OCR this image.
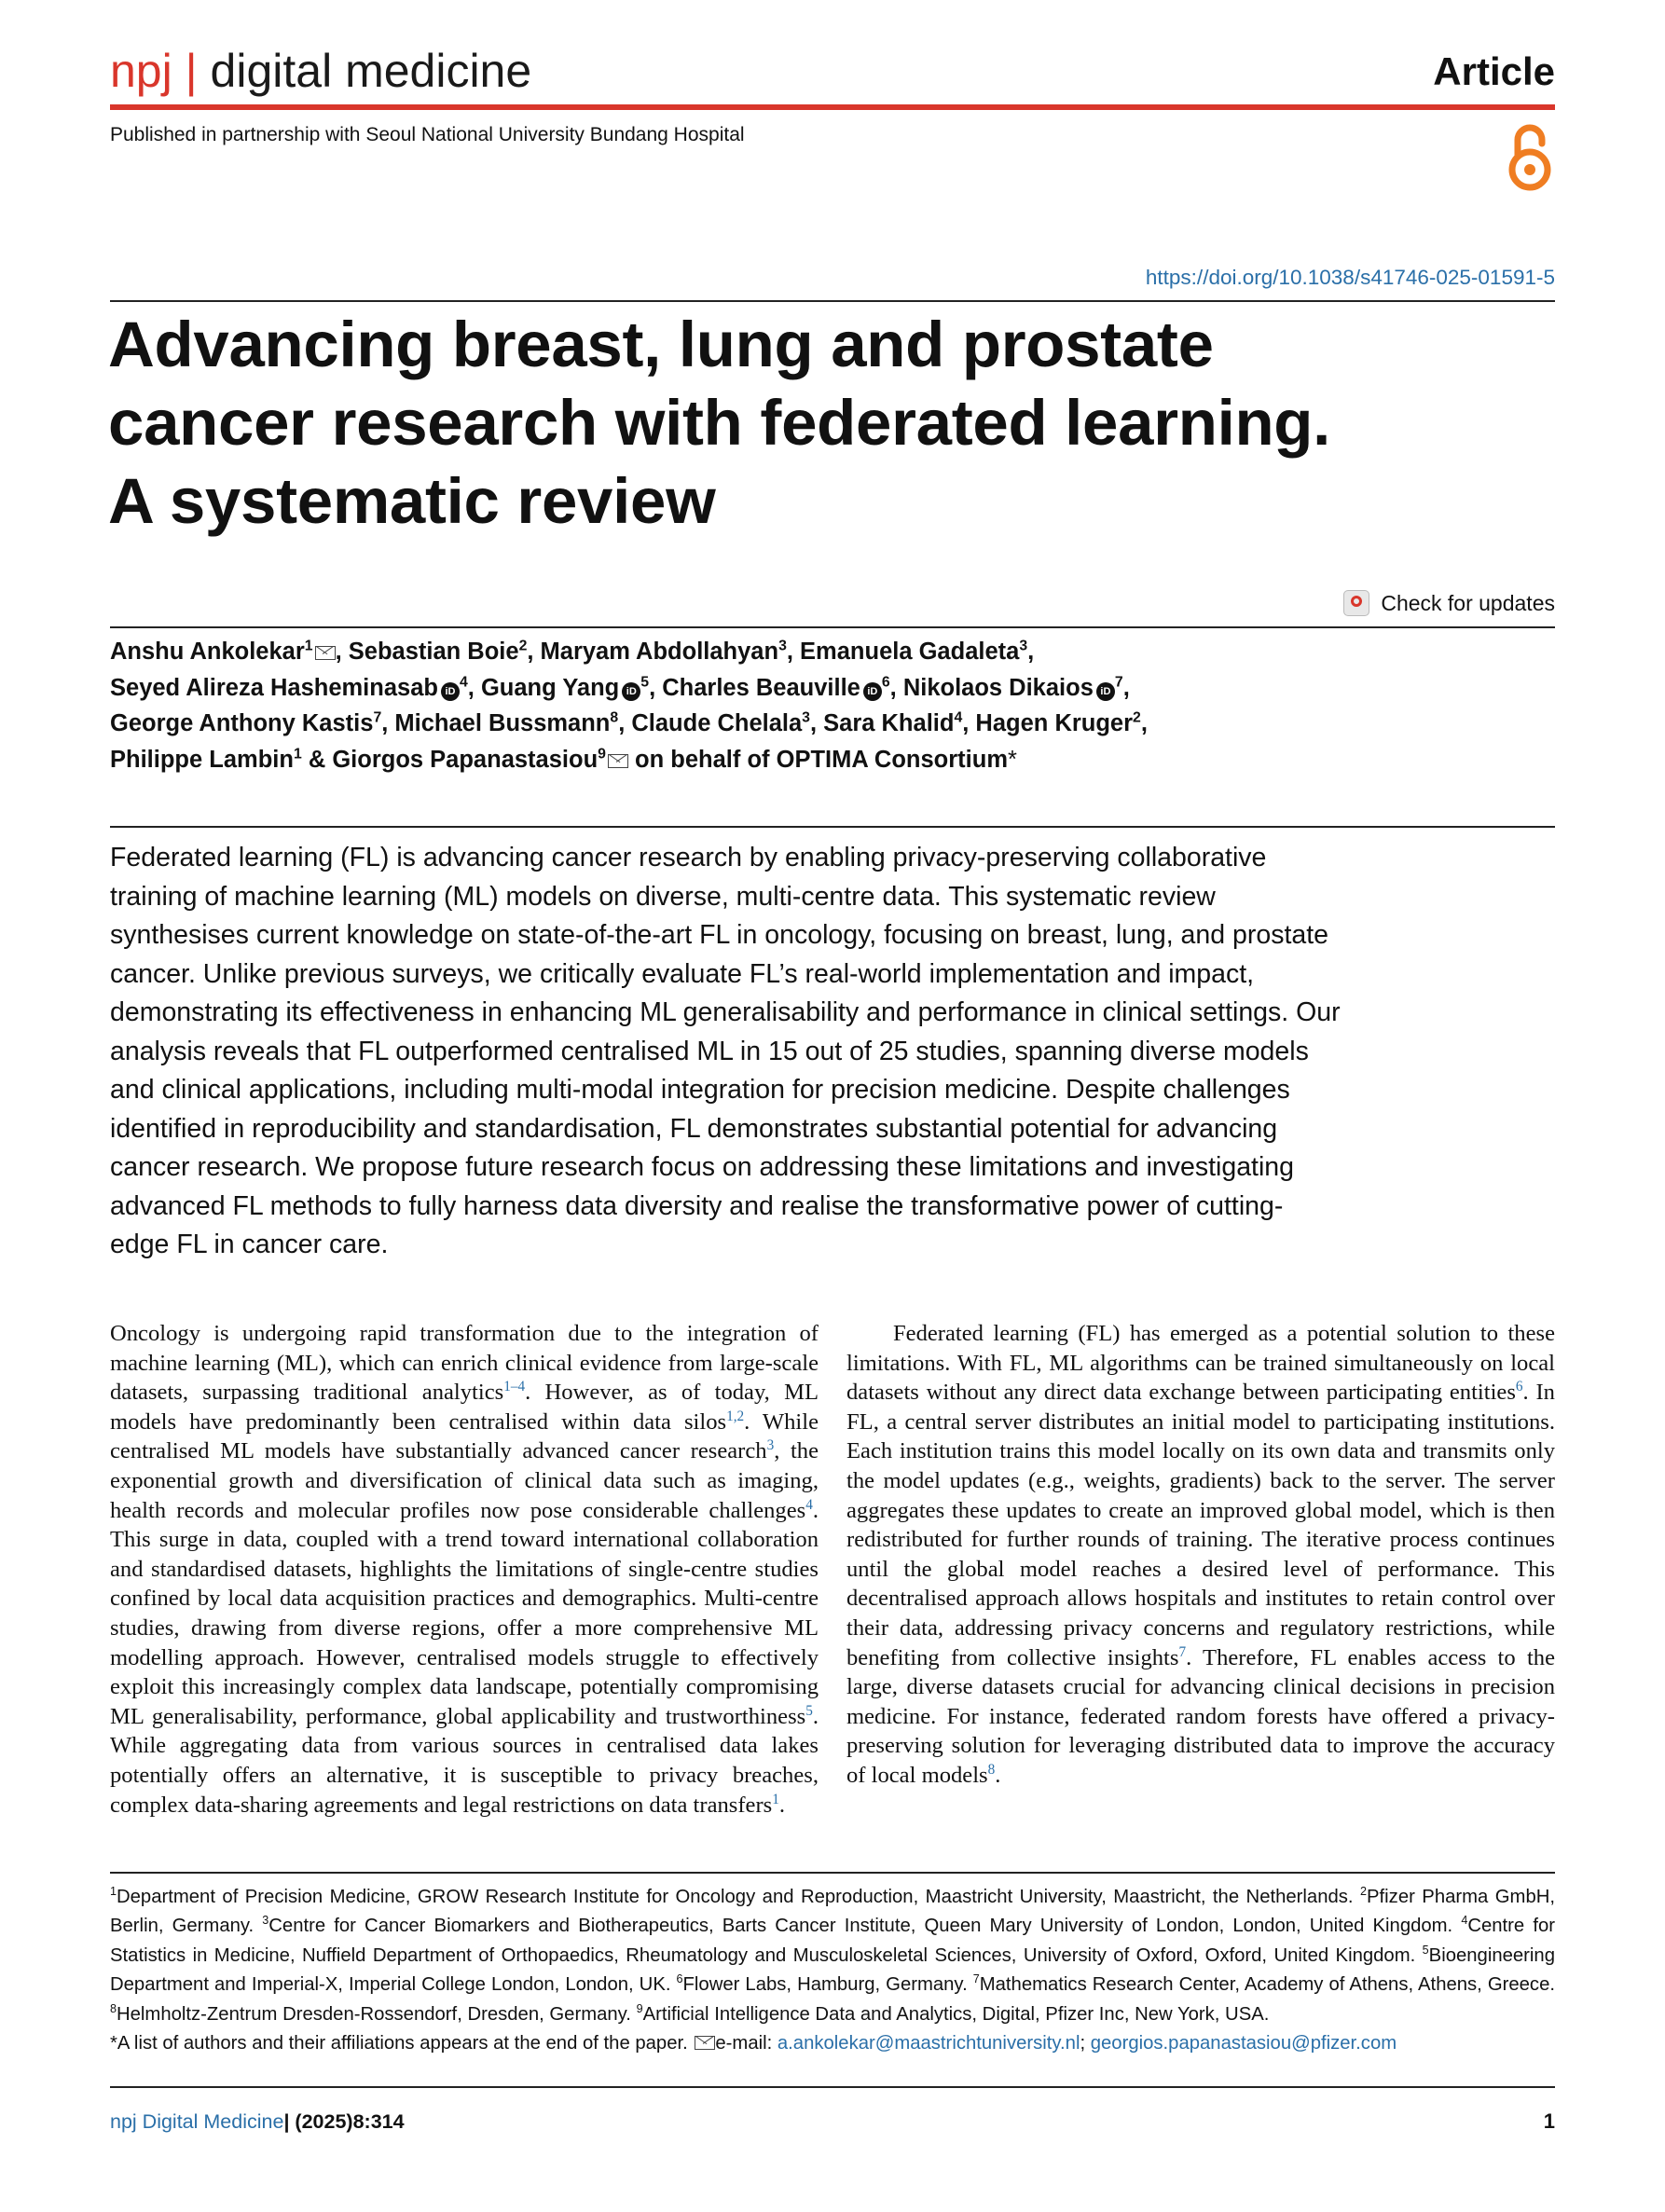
npj | digital medicine	Article
Published in partnership with Seoul National University Bundang Hospital
https://doi.org/10.1038/s41746-025-01591-5
Advancing breast, lung and prostate
cancer research with federated learning.
A systematic review
Check for updates
Anshu Ankolekar$^1$ , Sebastian Boie$^2$, Maryam Abdollahyan$^3$, Emanuela Gadaleta$^3$,
Seyed Alireza Hasheminasab $iD^4$, Guang Yang $iD^5$, Charles Beauville $iD^6$, Nikolaos Dikaios $iD^7$,
George Anthony Kastis$^7$, Michael Bussmann$^8$, Claude Chelala$^3$, Sara Khalid$^4$, Hagen Kruger$^2$,
Philippe Lambin$^1$ & Giorgos Papanastasiou$^9$ on behalf of OPTIMA Consortium*

Federated learning (FL) is advancing cancer research by enabling privacy-preserving collaborative training of machine learning (ML) models on diverse, multi-centre data. This systematic review synthesises current knowledge on state-of-the-art FL in oncology, focusing on breast, lung, and prostate cancer. Unlike previous surveys, we critically evaluate FL’s real-world implementation and impact, demonstrating its effectiveness in enhancing ML generalisability and performance in clinical settings. Our analysis reveals that FL outperformed centralised ML in 15 out of 25 studies, spanning diverse models and clinical applications, including multi-modal integration for precision medicine. Despite challenges identified in reproducibility and standardisation, FL demonstrates substantial potential for advancing cancer research. We propose future research focus on addressing these limitations and investigating advanced FL methods to fully harness data diversity and realise the transformative power of cutting-edge FL in cancer care.

Oncology is undergoing rapid transformation due to the integration of machine learning (ML), which can enrich clinical evidence from large-scale datasets, surpassing traditional analytics$^{1-4}$. However, as of today, ML models have predominantly been centralised within data silos$^{1,2}$. While centralised ML models have substantially advanced cancer research$^3$, the exponential growth and diversification of clinical data such as imaging, health records and molecular profiles now pose considerable challenges$^4$. This surge in data, coupled with a trend toward international collaboration and standardised datasets, highlights the limitations of single-centre studies confined by local data acquisition practices and demographics. Multi-centre studies, drawing from diverse regions, offer a more comprehensive ML modelling approach. However, centralised models struggle to effectively exploit this increasingly complex data landscape, potentially compromising ML generalisability, performance, global applicability and trustworthiness$^5$. While aggregating data from various sources in centralised data lakes potentially offers an alternative, it is susceptible to privacy breaches, complex data-sharing agreements and legal restrictions on data transfers$^1$.

Federated learning (FL) has emerged as a potential solution to these limitations. With FL, ML algorithms can be trained simultaneously on local datasets without any direct data exchange between participating entities$^6$. In FL, a central server distributes an initial model to participating institutions. Each institution trains this model locally on its own data and transmits only the model updates (e.g., weights, gradients) back to the server. The server aggregates these updates to create an improved global model, which is then redistributed for further rounds of training. The iterative process continues until the global model reaches a desired level of performance. This decentralised approach allows hospitals and institutes to retain control over their data, addressing privacy concerns and regulatory restrictions, while benefiting from collective insights$^7$. Therefore, FL enables access to the large, diverse datasets crucial for advancing clinical decisions in precision medicine. For instance, federated random forests have offered a privacy-preserving solution for leveraging distributed data to improve the accuracy of local models$^8$.

$^1$Department of Precision Medicine, GROW Research Institute for Oncology and Reproduction, Maastricht University, Maastricht, the Netherlands. $^2$Pfizer Pharma GmbH, Berlin, Germany. $^3$Centre for Cancer Biomarkers and Biotherapeutics, Barts Cancer Institute, Queen Mary University of London, London, United Kingdom. $^4$Centre for Statistics in Medicine, Nuffield Department of Orthopaedics, Rheumatology and Musculoskeletal Sciences, University of Oxford, Oxford, United Kingdom. $^5$Bioengineering Department and Imperial-X, Imperial College London, London, UK. $^6$Flower Labs, Hamburg, Germany. $^7$Mathematics Research Center, Academy of Athens, Athens, Greece. $^8$Helmholtz-Zentrum Dresden-Rossendorf, Dresden, Germany. $^9$Artificial Intelligence Data and Analytics, Digital, Pfizer Inc, New York, USA.
*A list of authors and their affiliations appears at the end of the paper. e-mail: a.ankolekar@maastrichtuniversity.nl; georgios.papanastasiou@pfizer.com

npj Digital Medicine| (2025)8:314	1
